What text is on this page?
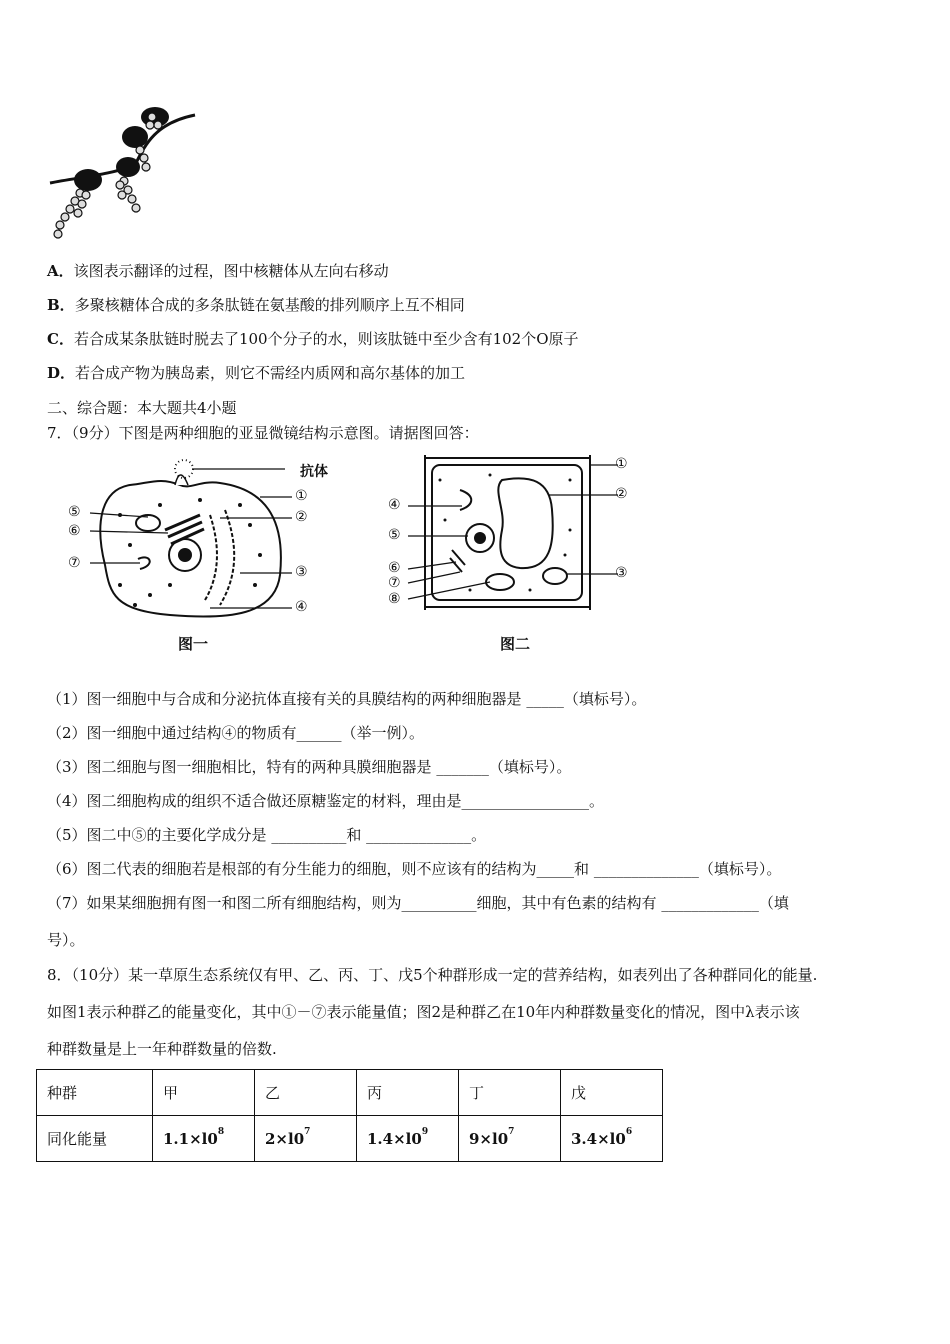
A．该图表示翻译的过程，图中核糖体从左向右移动
B．多聚核糖体合成的多条肽链在氨基酸的排列顺序上互不相同
C．若合成某条肽链时脱去了100个分子的水，则该肽链中至少含有102个O原子
D．若合成产物为胰岛素，则它不需经内质网和高尔基体的加工
二、综合题：本大题共4小题
7．（9分）下图是两种细胞的亚显微镜结构示意图。请据图回答：
抗体
①
②
③
④
⑤
⑥
⑦
图一
①
②
③
④
⑤
⑥
⑦
⑧
图二
（1）图一细胞中与合成和分泌抗体直接有关的具膜结构的两种细胞器是 _____（填标号）。
（2）图一细胞中通过结构④的物质有______（举一例）。
（3）图二细胞与图一细胞相比，特有的两种具膜细胞器是 _______（填标号）。
（4）图二细胞构成的组织不适合做还原糖鉴定的材料，理由是_________________。
（5）图二中⑤的主要化学成分是 __________和 ______________。
（6）图二代表的细胞若是根部的有分生能力的细胞，则不应该有的结构为_____和 ______________（填标号）。
（7）如果某细胞拥有图一和图二所有细胞结构，则为__________细胞，其中有色素的结构有 _____________（填
号）。
8．（10分）某一草原生态系统仅有甲、乙、丙、丁、戊5个种群形成一定的营养结构，如表列出了各种群同化的能量.
如图1表示种群乙的能量变化，其中①－⑦表示能量值；图2是种群乙在10年内种群数量变化的情况，图中λ表示该
种群数量是上一年种群数量的倍数.
种群	甲	乙	丙	丁	戊
同化能量	$1.1\times l0^8$	$2\times l0^7$	$1.4\times l0^9$	$9\times l0^7$	$3.4\times l0^6$
